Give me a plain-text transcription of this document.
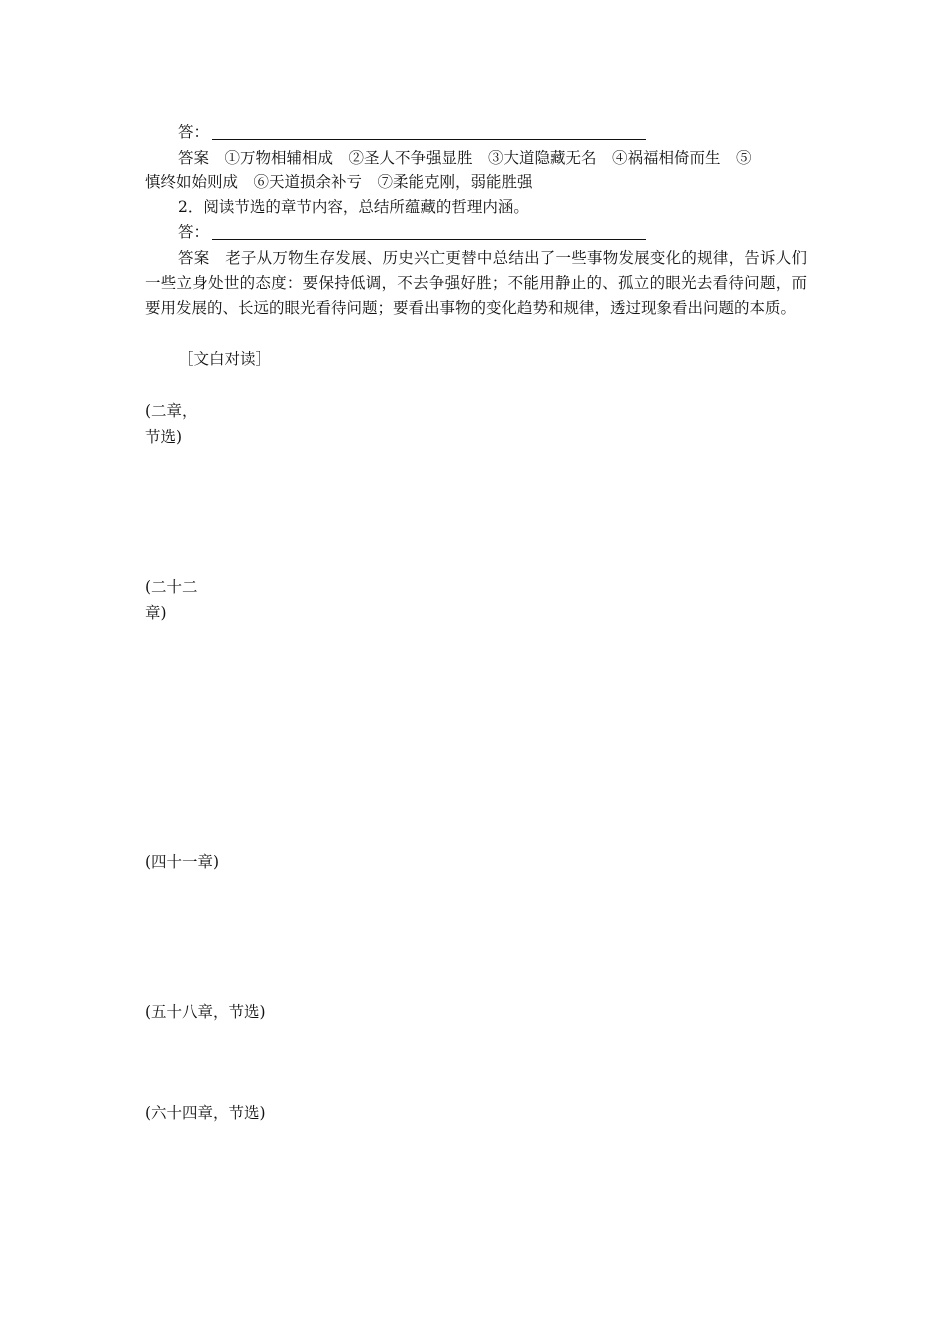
答：
答案　①万物相辅相成　②圣人不争强显胜　③大道隐藏无名　④祸福相倚而生　⑤
慎终如始则成　⑥天道损余补亏　⑦柔能克刚，弱能胜强
2．阅读节选的章节内容，总结所蕴藏的哲理内涵。
答：
答案　老子从万物生存发展、历史兴亡更替中总结出了一些事物发展变化的规律，告诉人们一些立身处世的态度：要保持低调，不去争强好胜；不能用静止的、孤立的眼光去看待问题，而要用发展的、长远的眼光看待问题；要看出事物的变化趋势和规律，透过现象看出问题的本质。
［文白对读］
(二章，
节选)
(二十二
章)
(四十一章)
(五十八章，节选)
(六十四章，节选)
